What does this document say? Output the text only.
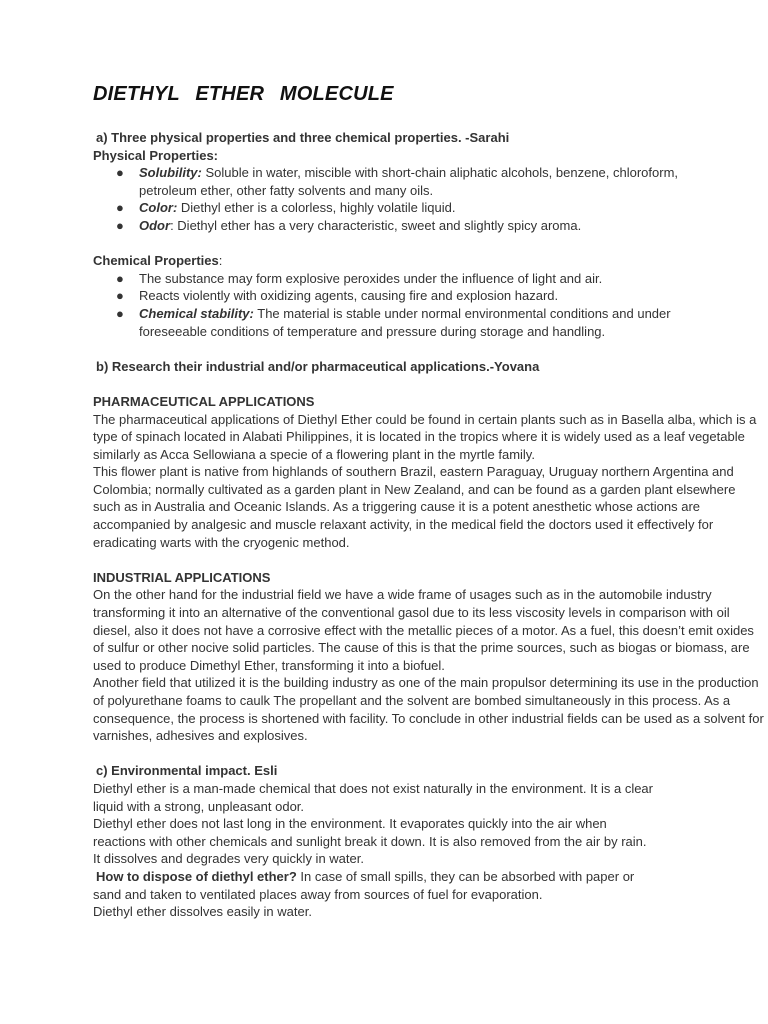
DIETHYL ETHER MOLECULE

a) Three physical properties and three chemical properties. -Sarahi

Physical Properties:

● Solubility: Soluble in water, miscible with short-chain aliphatic alcohols, benzene, chloroform, petroleum ether, other fatty solvents and many oils.
● Color: Diethyl ether is a colorless, highly volatile liquid.
● Odor: Diethyl ether has a very characteristic, sweet and slightly spicy aroma.

Chemical Properties:

● The substance may form explosive peroxides under the influence of light and air.
● Reacts violently with oxidizing agents, causing fire and explosion hazard.
● Chemical stability: The material is stable under normal environmental conditions and under foreseeable conditions of temperature and pressure during storage and handling.

b) Research their industrial and/or pharmaceutical applications.-Yovana

PHARMACEUTICAL APPLICATIONS

The pharmaceutical applications of Diethyl Ether could be found in certain plants such as in Basella alba, which is a type of spinach located in Alabati Philippines, it is located in the tropics where it is widely used as a leaf vegetable similarly as Acca Sellowiana a specie of a flowering plant in the myrtle family.

This flower plant is native from highlands of southern Brazil, eastern Paraguay, Uruguay northern Argentina and Colombia; normally cultivated as a garden plant in New Zealand, and can be found as a garden plant elsewhere such as in Australia and Oceanic Islands. As a triggering cause it is a potent anesthetic whose actions are accompanied by analgesic and muscle relaxant activity, in the medical field the doctors used it effectively for eradicating warts with the cryogenic method.

INDUSTRIAL APPLICATIONS

On the other hand for the industrial field we have a wide frame of usages such as in the automobile industry transforming it into an alternative of the conventional gasol due to its less viscosity levels in comparison with oil diesel, also it does not have a corrosive effect with the metallic pieces of a motor. As a fuel, this doesn’t emit oxides of sulfur or other nocive solid particles. The cause of this is that the prime sources, such as biogas or biomass, are used to produce Dimethyl Ether, transforming it into a biofuel.

Another field that utilized it is the building industry as one of the main propulsor determining its use in the production of polyurethane foams to caulk The propellant and the solvent are bombed simultaneously in this process. As a consequence, the process is shortened with facility. To conclude in other industrial fields can be used as a solvent for varnishes, adhesives and explosives.

c) Environmental impact. Esli

Diethyl ether is a man-made chemical that does not exist naturally in the environment. It is a clear

liquid with a strong, unpleasant odor.

Diethyl ether does not last long in the environment. It evaporates quickly into the air when

reactions with other chemicals and sunlight break it down. It is also removed from the air by rain.

It dissolves and degrades very quickly in water.

How to dispose of diethyl ether? In case of small spills, they can be absorbed with paper or

sand and taken to ventilated places away from sources of fuel for evaporation.

Diethyl ether dissolves easily in water.
